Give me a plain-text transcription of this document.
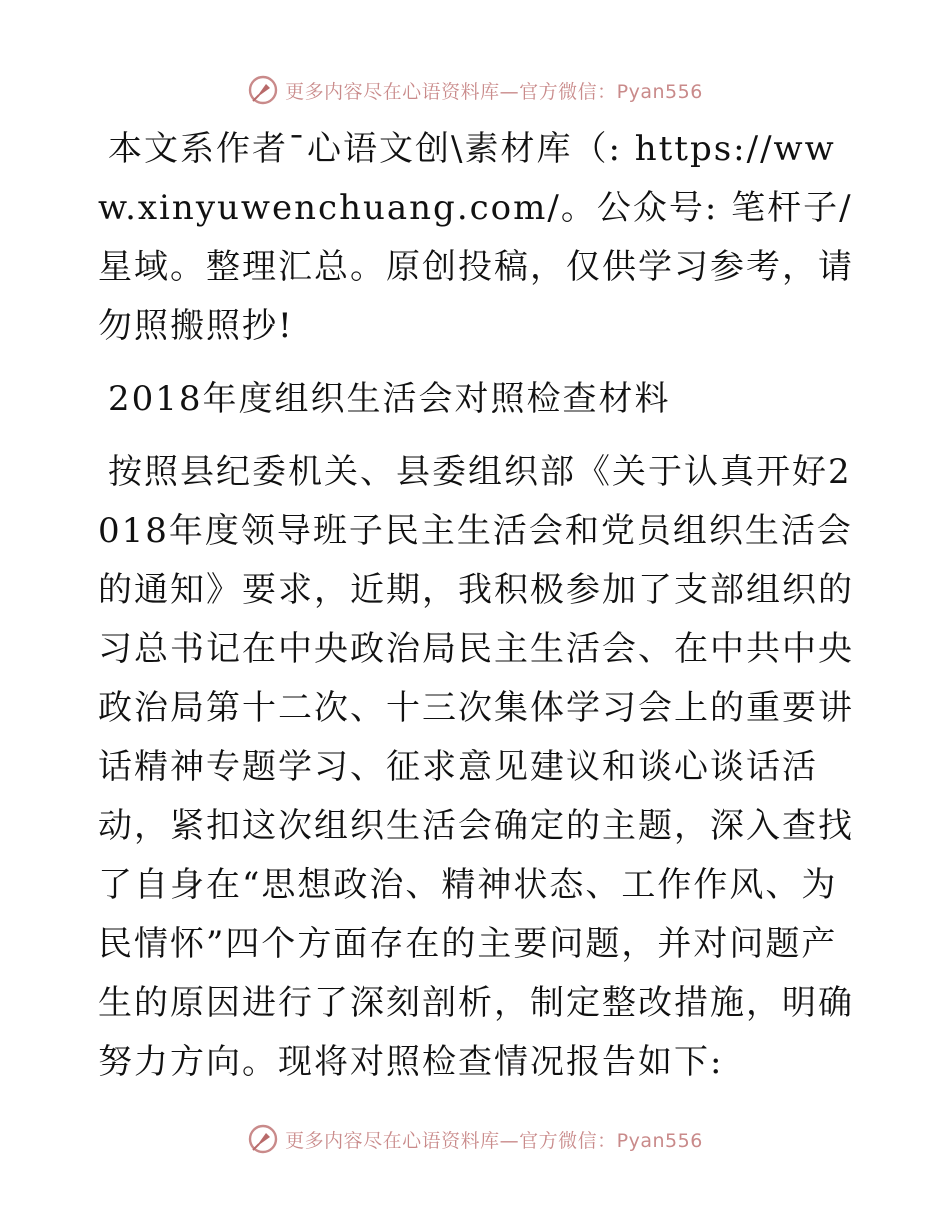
更多内容尽在心语资料库—官方微信：Pyan556

本文系作者¯心语文创\素材库（: https://www.xinyuwenchuang.com/。公众号: 笔杆子/星域。整理汇总。原创投稿，仅供学习参考，请勿照搬照抄!

2018年度组织生活会对照检查材料

按照县纪委机关、县委组织部《关于认真开好2018年度领导班子民主生活会和党员组织生活会的通知》要求，近期，我积极参加了支部组织的习总书记在中央政治局民主生活会、在中共中央政治局第十二次、十三次集体学习会上的重要讲话精神专题学习、征求意见建议和谈心谈话活动，紧扣这次组织生活会确定的主题，深入查找了自身在“思想政治、精神状态、工作作风、为民情怀”四个方面存在的主要问题，并对问题产生的原因进行了深刻剖析，制定整改措施，明确努力方向。现将对照检查情况报告如下:

更多内容尽在心语资料库—官方微信：Pyan556
